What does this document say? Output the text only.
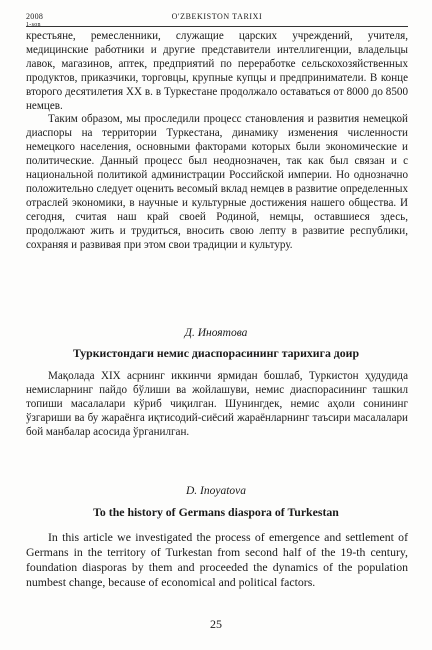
2008	O'ZBEKISTON TARIXI
1-son

крестьяне, ремесленники, служащие царских учреждений, учителя, медицинские работники и другие представители интеллигенции, владельцы лавок, магазинов, аптек, предприятий по переработке сельскохозяйственных продуктов, приказчики, торговцы, крупные купцы и предприниматели. В конце второго десятилетия XX в. в Туркестане продолжало оставаться от 8000 до 8500 немцев.

Таким образом, мы проследили процесс становления и развития немецкой диаспоры на территории Туркестана, динамику изменения численности немецкого населения, основными факторами которых были экономические и политические. Данный процесс был неоднозначен, так как был связан и с национальной политикой администрации Российской империи. Но однозначно положительно следует оценить весомый вклад немцев в развитие определенных отраслей экономики, в научные и культурные достижения нашего общества. И сегодня, считая наш край своей Родиной, немцы, оставшиеся здесь, продолжают жить и трудиться, вносить свою лепту в развитие республики, сохраняя и развивая при этом свои традиции и культуру.

Д. Иноятова
Туркистондаги немис диаспорасининг тарихига доир

Мақолада XIX асрнинг иккинчи ярмидан бошлаб, Туркистон ҳудудида немисларнинг пайдо бўлиши ва жойлашуви, немис диаспорасининг ташкил топиши масалалари кўриб чиқилган. Шунингдек, немис аҳоли сонининг ўзгариши ва бу жараёнга иқтисодий-сиёсий жараёнларнинг таъсири масалалари бой манбалар асосида ўрганилган.

D. Inoyatova
To the history of Germans diaspora of Turkestan

In this article we investigated the process of emergence and settlement of Germans in the territory of Turkestan from second half of the 19-th century, foundation diasporas by them and proceeded the dynamics of the population numbest change, because of economical and political factors.

25
